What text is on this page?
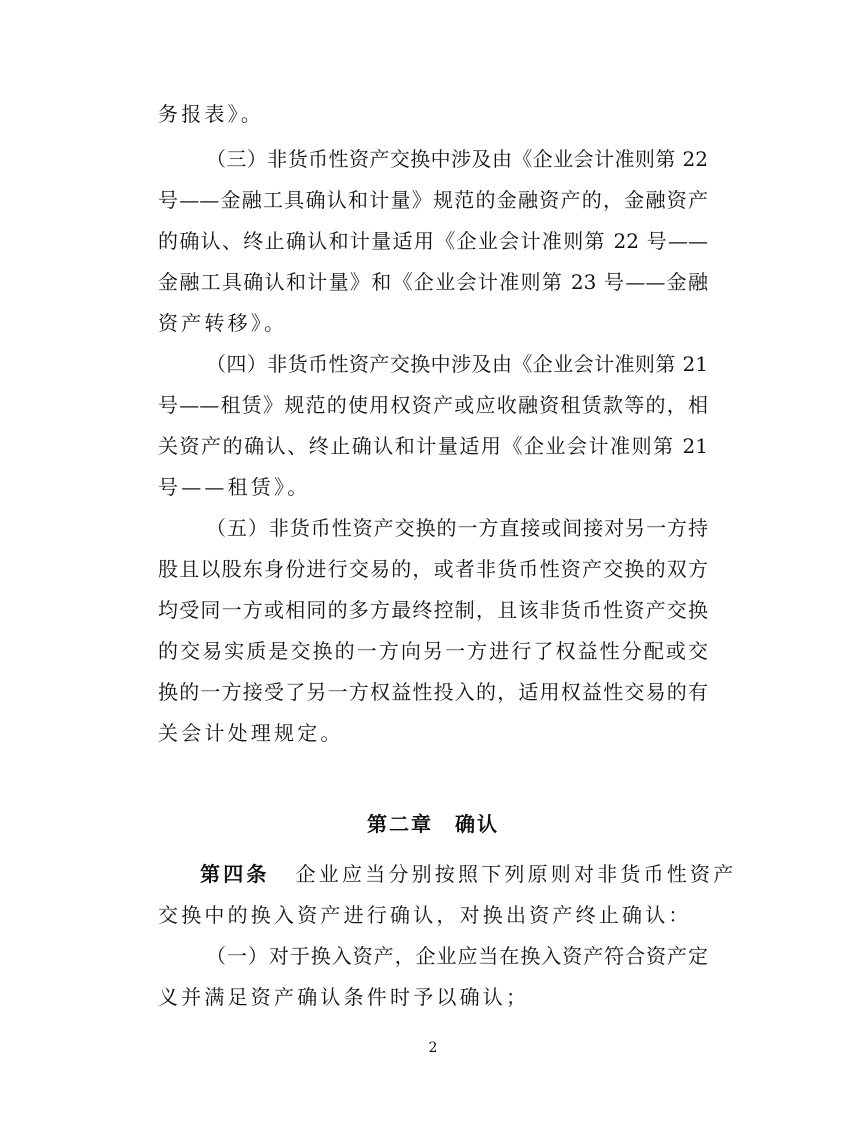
务报表》。
（三）非货币性资产交换中涉及由《企业会计准则第 22
号——金融工具确认和计量》规范的金融资产的，金融资产
的确认、终止确认和计量适用《企业会计准则第 22 号——
金融工具确认和计量》和《企业会计准则第 23 号——金融
资产转移》。
（四）非货币性资产交换中涉及由《企业会计准则第 21
号——租赁》规范的使用权资产或应收融资租赁款等的，相
关资产的确认、终止确认和计量适用《企业会计准则第 21
号——租赁》。
（五）非货币性资产交换的一方直接或间接对另一方持
股且以股东身份进行交易的，或者非货币性资产交换的双方
均受同一方或相同的多方最终控制，且该非货币性资产交换
的交易实质是交换的一方向另一方进行了权益性分配或交
换的一方接受了另一方权益性投入的，适用权益性交易的有
关会计处理规定。
第二章　确认
第四条 企业应当分别按照下列原则对非货币性资产
交换中的换入资产进行确认，对换出资产终止确认：
（一）对于换入资产，企业应当在换入资产符合资产定
义并满足资产确认条件时予以确认；
2
